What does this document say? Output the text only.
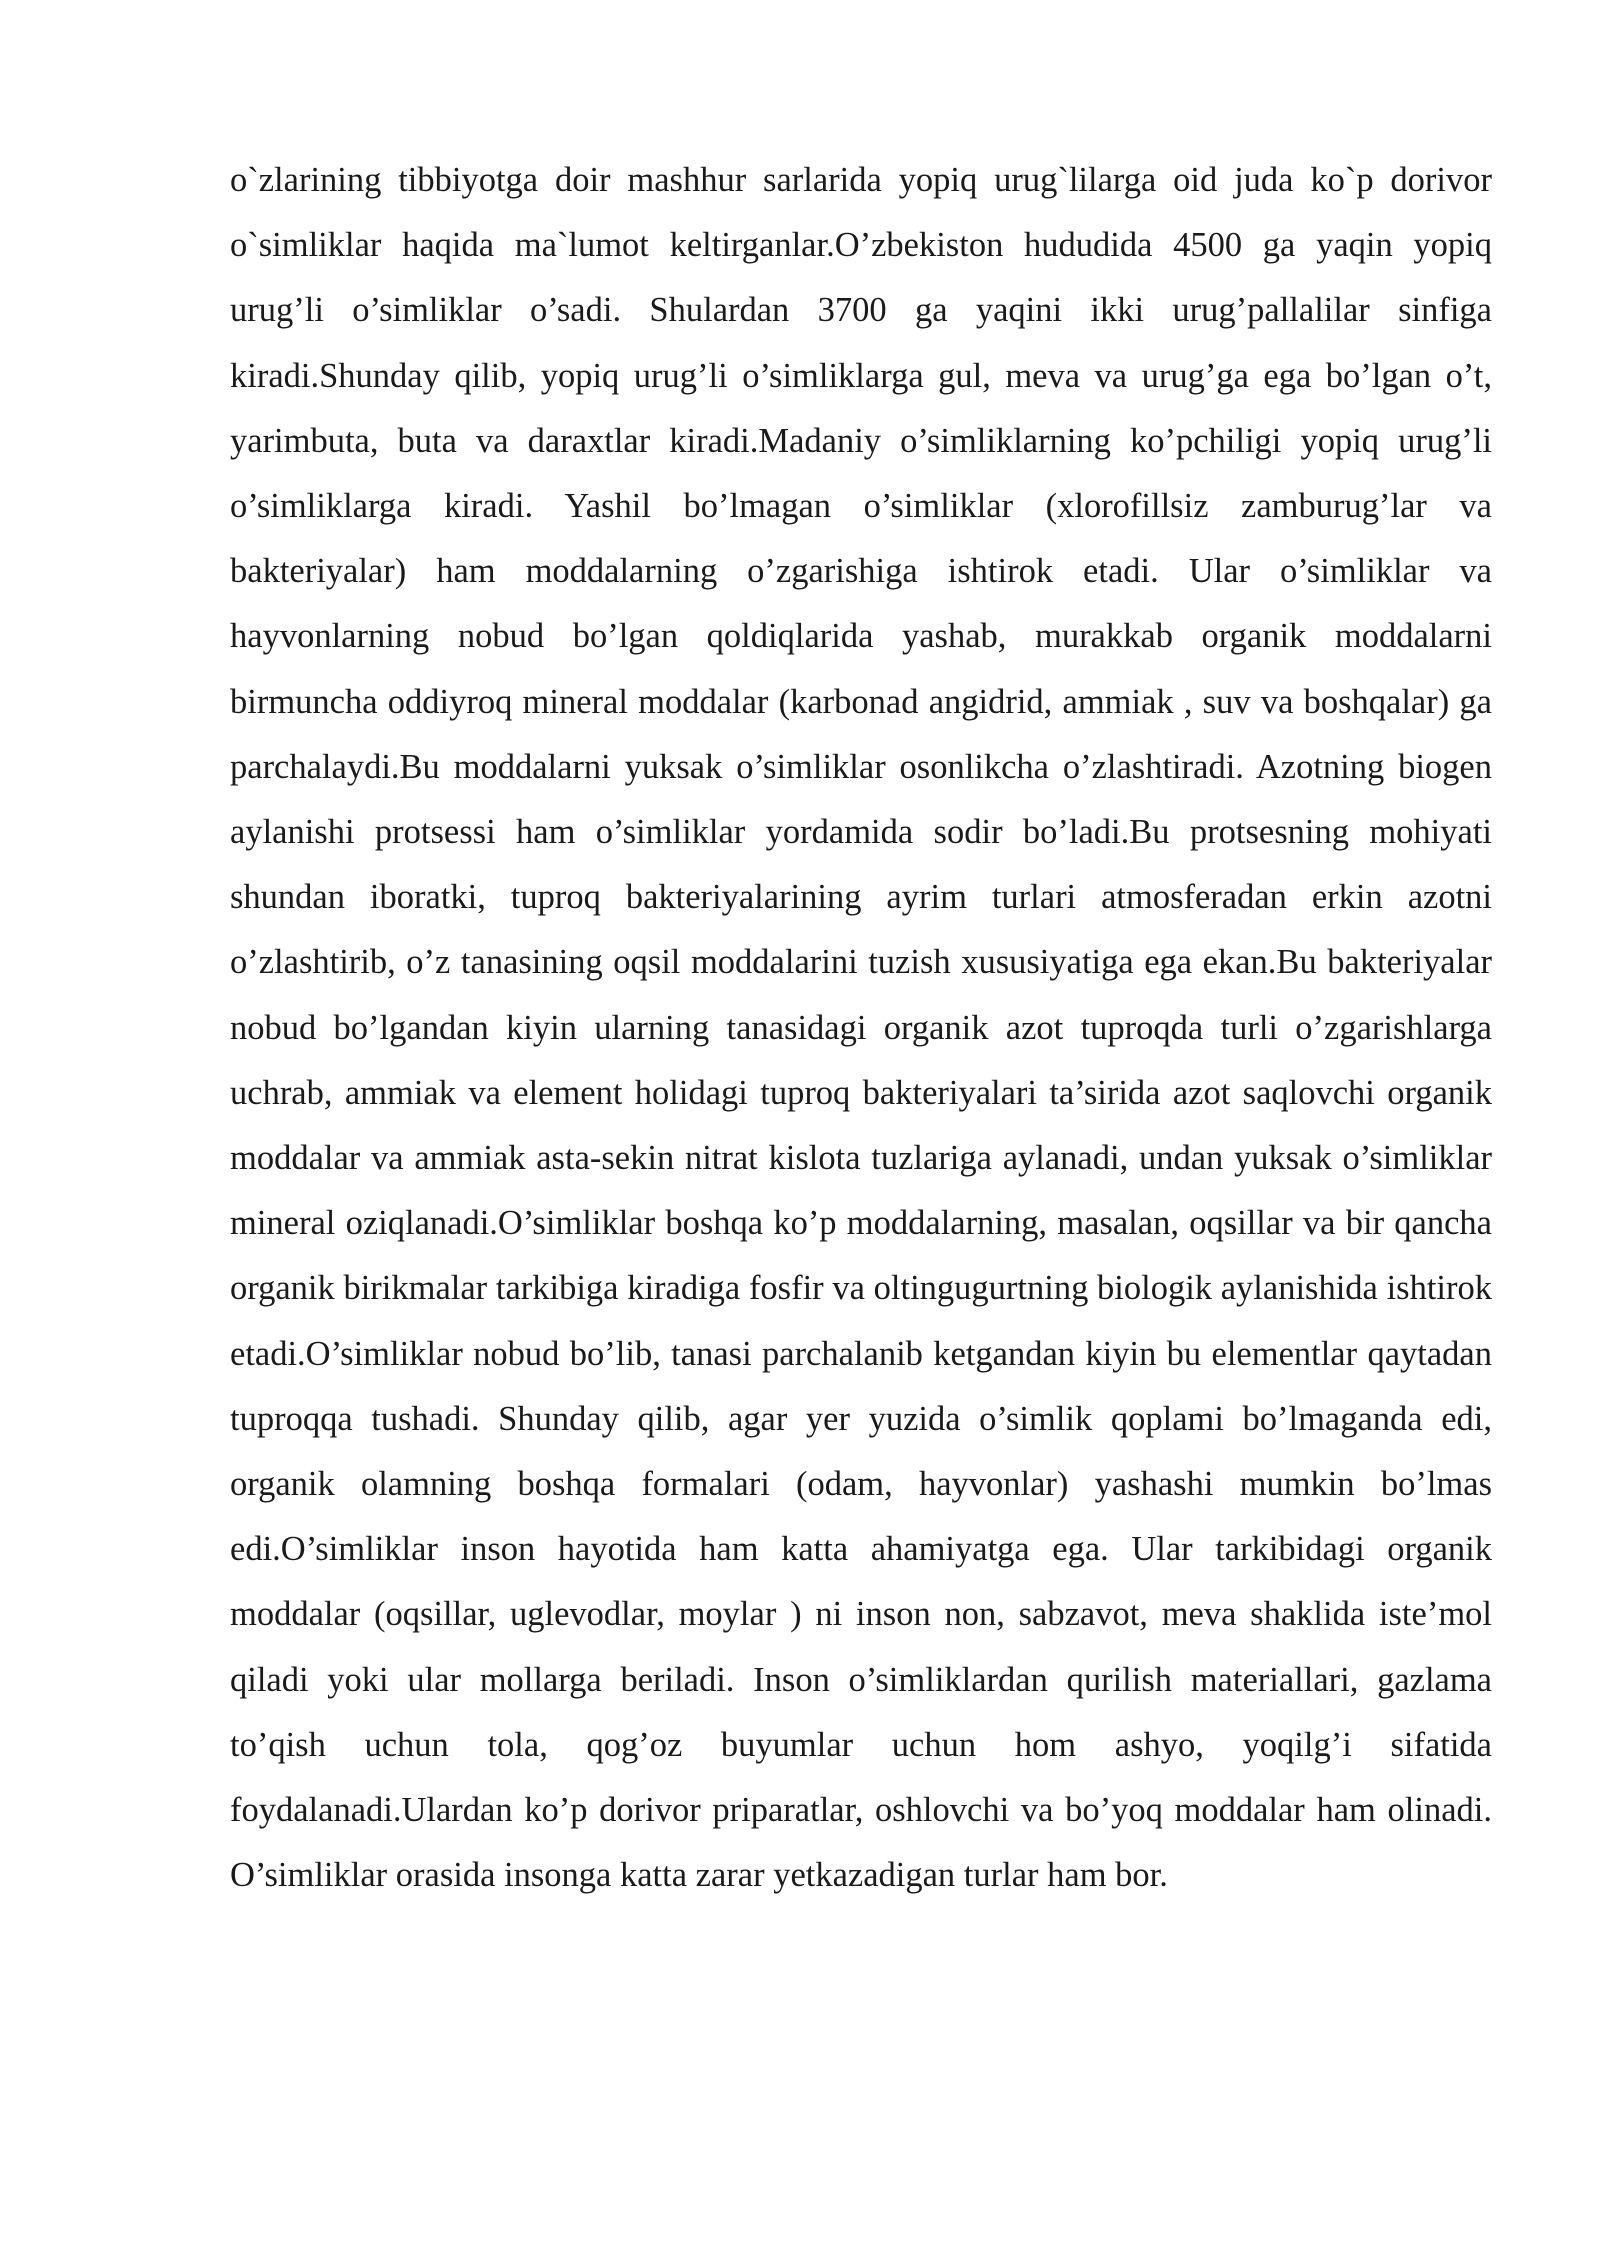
o`zlarining tibbiyotga doir mashhur sarlarida yopiq urug`lilarga oid juda ko`p dorivor o`simliklar haqida ma`lumot keltirganlar.O’zbekiston hududida 4500 ga yaqin yopiq urug’li o’simliklar o’sadi. Shulardan 3700 ga yaqini ikki urug’pallalilar sinfiga kiradi.Shunday qilib, yopiq urug’li o’simliklarga gul, meva va urug’ga ega bo’lgan o’t, yarimbuta, buta va daraxtlar kiradi.Madaniy o’simliklarning ko’pchiligi yopiq urug’li o’simliklarga kiradi. Yashil bo’lmagan o’simliklar (xlorofillsiz zamburug’lar va bakteriyalar) ham moddalarning o’zgarishiga ishtirok etadi. Ular o’simliklar va hayvonlarning nobud bo’lgan qoldiqlarida yashab, murakkab organik moddalarni birmuncha oddiyroq mineral moddalar (karbonad angidrid, ammiak , suv va boshqalar) ga parchalaydi.Bu moddalarni yuksak o’simliklar osonlikcha o’zlashtiradi. Azotning biogen aylanishi protsessi ham o’simliklar yordamida sodir bo’ladi.Bu protsesning mohiyati shundan iboratki, tuproq bakteriyalarining ayrim turlari atmosferadan erkin azotni o’zlashtirib, o’z tanasining oqsil moddalarini tuzish xususiyatiga ega ekan.Bu bakteriyalar nobud bo’lgandan kiyin ularning tanasidagi organik azot tuproqda turli o’zgarishlarga uchrab, ammiak va element holidagi tuproq bakteriyalari ta’sirida azot saqlovchi organik moddalar va ammiak asta-sekin nitrat kislota tuzlariga aylanadi, undan yuksak o’simliklar mineral oziqlanadi.O’simliklar boshqa ko’p moddalarning, masalan, oqsillar va bir qancha organik birikmalar tarkibiga kiradiga fosfir va oltingugurtning biologik aylanishida ishtirok etadi.O’simliklar nobud bo’lib, tanasi parchalanib ketgandan kiyin bu elementlar qaytadan tuproqqa tushadi. Shunday qilib, agar yer yuzida o’simlik qoplami bo’lmaganda edi, organik olamning boshqa formalari (odam, hayvonlar) yashashi mumkin bo’lmas edi.O’simliklar inson hayotida ham katta ahamiyatga ega. Ular tarkibidagi organik moddalar (oqsillar, uglevodlar, moylar ) ni inson non, sabzavot, meva shaklida iste’mol qiladi yoki ular mollarga beriladi. Inson o’simliklardan qurilish materiallari, gazlama to’qish uchun tola, qog’oz buyumlar uchun hom ashyo, yoqilg’i sifatida foydalanadi.Ulardan ko’p dorivor priparatlar, oshlovchi va bo’yoq moddalar ham olinadi. O’simliklar orasida insonga katta zarar yetkazadigan turlar ham bor.
